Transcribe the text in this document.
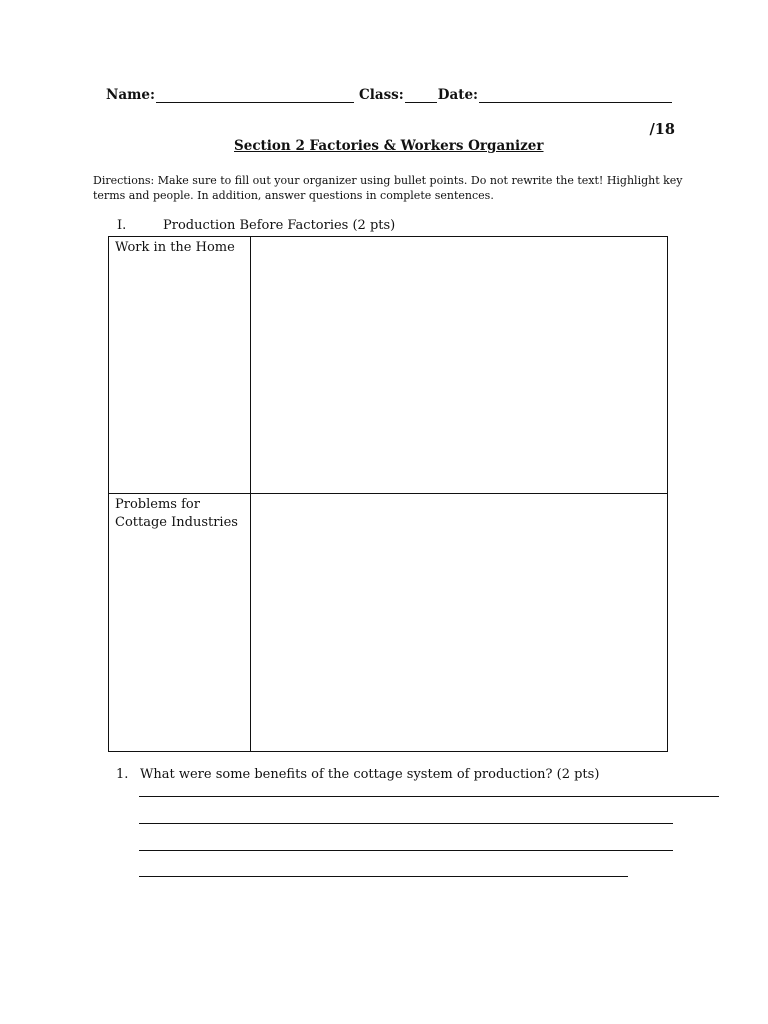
Name:	Class:	Date:
/18
Section 2 Factories & Workers Organizer
Directions: Make sure to fill out your organizer using bullet points. Do not rewrite the text! Highlight key terms and people. In addition, answer questions in complete sentences.
I.	Production Before Factories (2 pts)
Work in the Home	
Problems for Cottage Industries	
1. What were some benefits of the cottage system of production? (2 pts)
